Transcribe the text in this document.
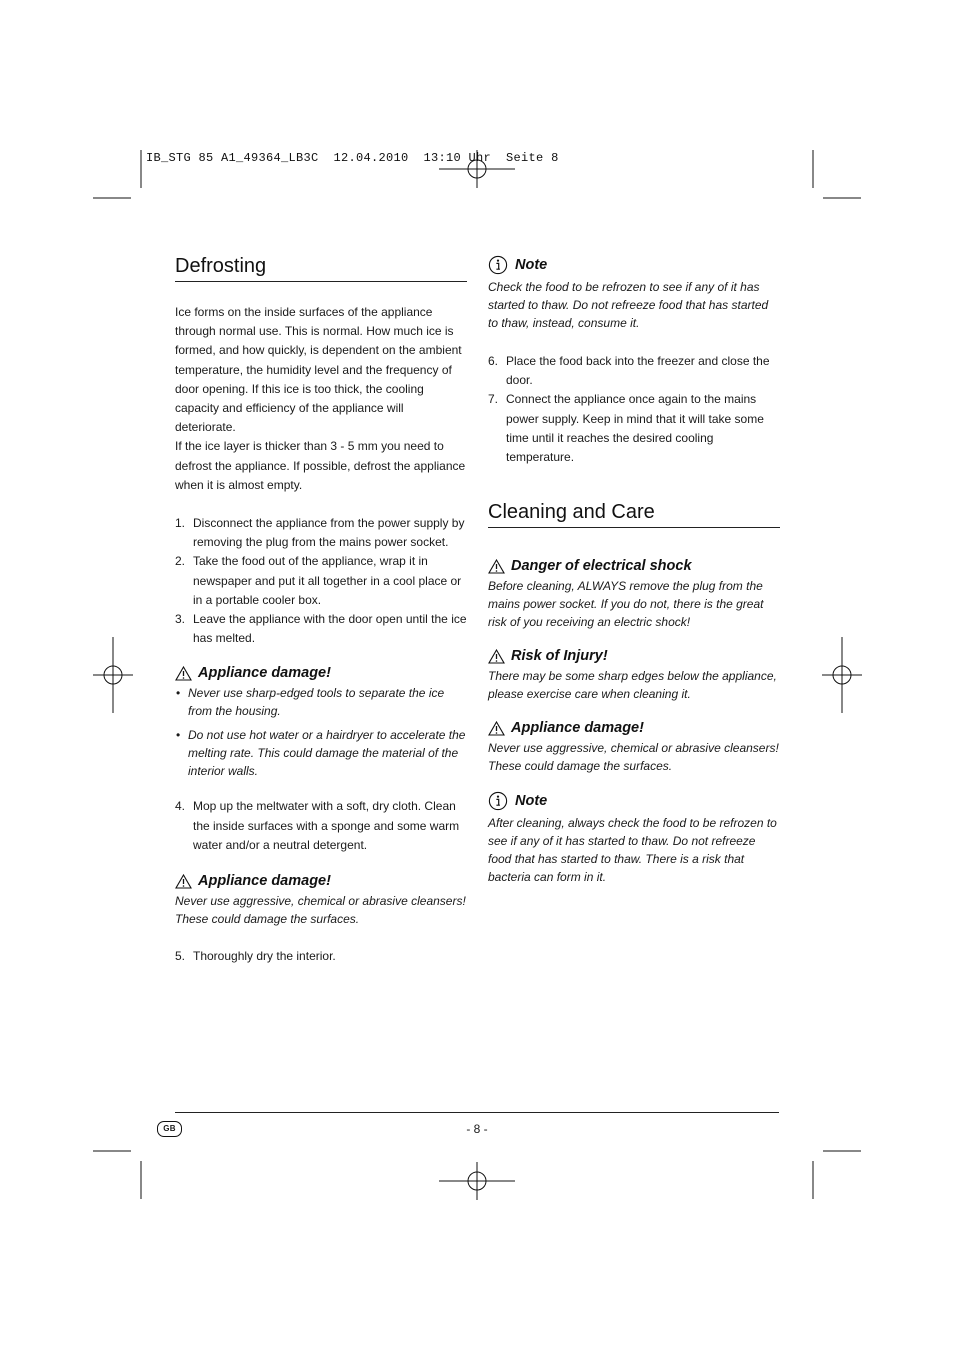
IB_STG 85 A1_49364_LB3C  12.04.2010  13:10 Uhr  Seite 8
Defrosting

Ice forms on the inside surfaces of the appliance through normal use. This is normal. How much ice is formed, and how quickly, is dependent on the ambient temperature, the humidity level and the frequency of door opening. If this ice is too thick, the cooling capacity and efficiency of the appliance will deteriorate.

If the ice layer is thicker than 3 - 5 mm you need to defrost the appliance. If possible, defrost the appliance when it is almost empty.

1. Disconnect the appliance from the power supply by removing the plug from the mains power socket.
2. Take the food out of the appliance, wrap it in newspaper and put it all together in a cool place or in a portable cooler box.
3. Leave the appliance with the door open until the ice has melted.
Appliance damage!
• Never use sharp-edged tools to separate the ice from the housing.
• Do not use hot water or a hairdryer to accelerate the melting rate. This could damage the material of the interior walls.
4. Mop up the meltwater with a soft, dry cloth. Clean the inside surfaces with a sponge and some warm water and/or a neutral detergent.
Appliance damage!

Never use aggressive, chemical or abrasive cleansers! These could damage the surfaces.

5. Thoroughly dry the interior.
Note

Check the food to be refrozen to see if any of it has started to thaw. Do not refreeze food that has started to thaw, instead, consume it.

6. Place the food back into the freezer and close the door.
7. Connect the appliance once again to the mains power supply. Keep in mind that it will take some time until it reaches the desired cooling temperature.
Cleaning and Care
Danger of electrical shock

Before cleaning, ALWAYS remove the plug from the mains power socket. If you do not, there is the great risk of you receiving an electric shock!

Risk of Injury!

There may be some sharp edges below the appliance, please exercise care when cleaning it.

Appliance damage!

Never use aggressive, chemical or abrasive cleansers! These could damage the surfaces.

Note

After cleaning, always check the food to be refrozen to see if any of it has started to thaw. Do not refreeze food that has started to thaw. There is a risk that bacteria can form in it.

GB	- 8 -
